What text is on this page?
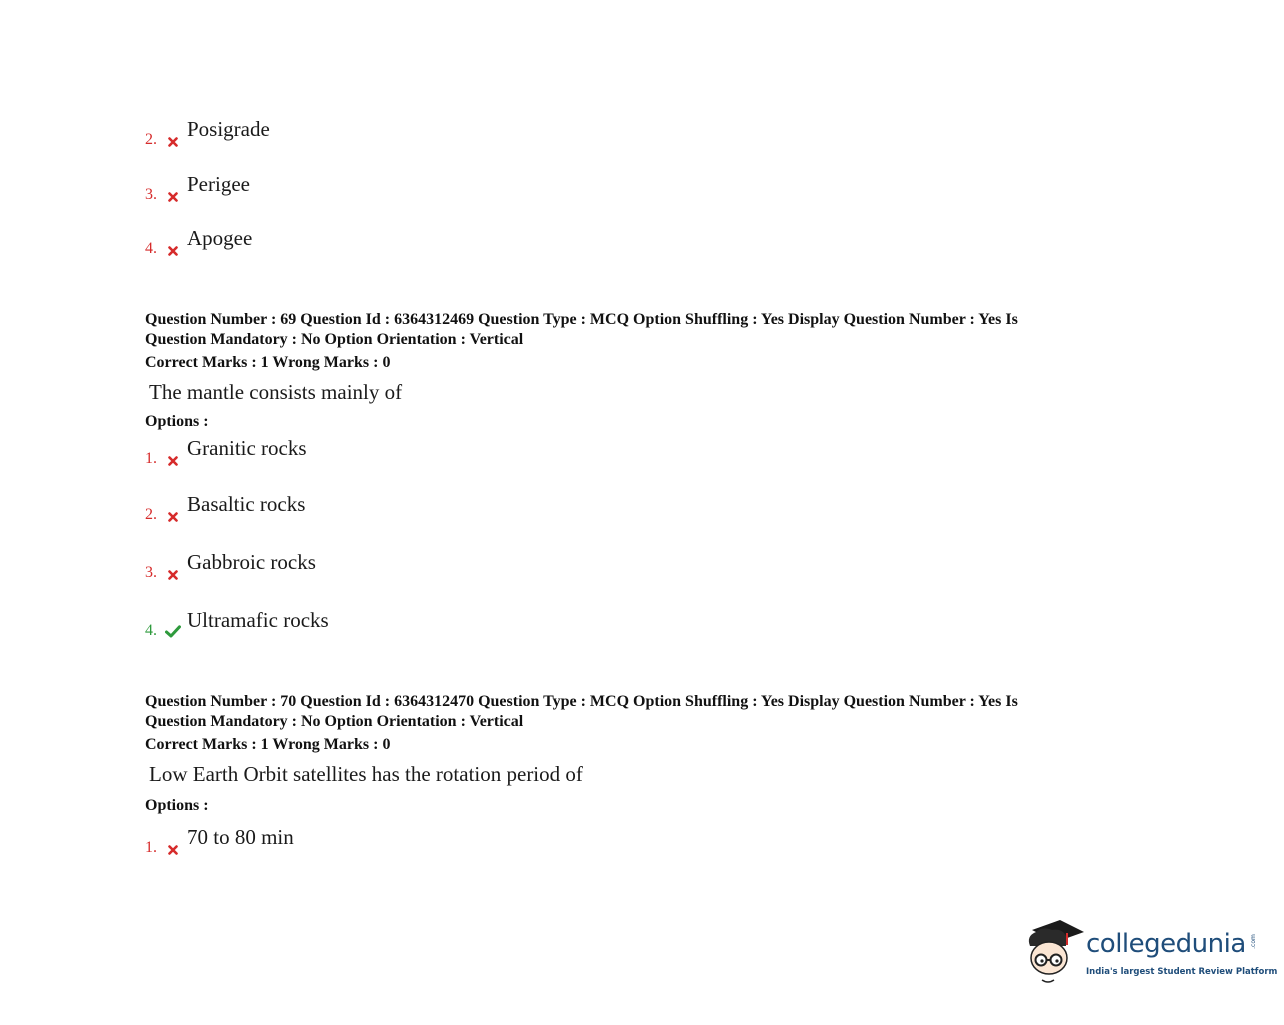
2. Posigrade
3. Perigee
4. Apogee
Question Number : 69 Question Id : 6364312469 Question Type : MCQ Option Shuffling : Yes Display Question Number : Yes Is
Question Mandatory : No Option Orientation : Vertical
Correct Marks : 1 Wrong Marks : 0
The mantle consists mainly of
Options :
1. Granitic rocks
2. Basaltic rocks
3. Gabbroic rocks
4. Ultramafic rocks
Question Number : 70 Question Id : 6364312470 Question Type : MCQ Option Shuffling : Yes Display Question Number : Yes Is
Question Mandatory : No Option Orientation : Vertical
Correct Marks : 1 Wrong Marks : 0
Low Earth Orbit satellites has the rotation period of
Options :
1. 70 to 80 min
collegedunia .com
India's largest Student Review Platform
